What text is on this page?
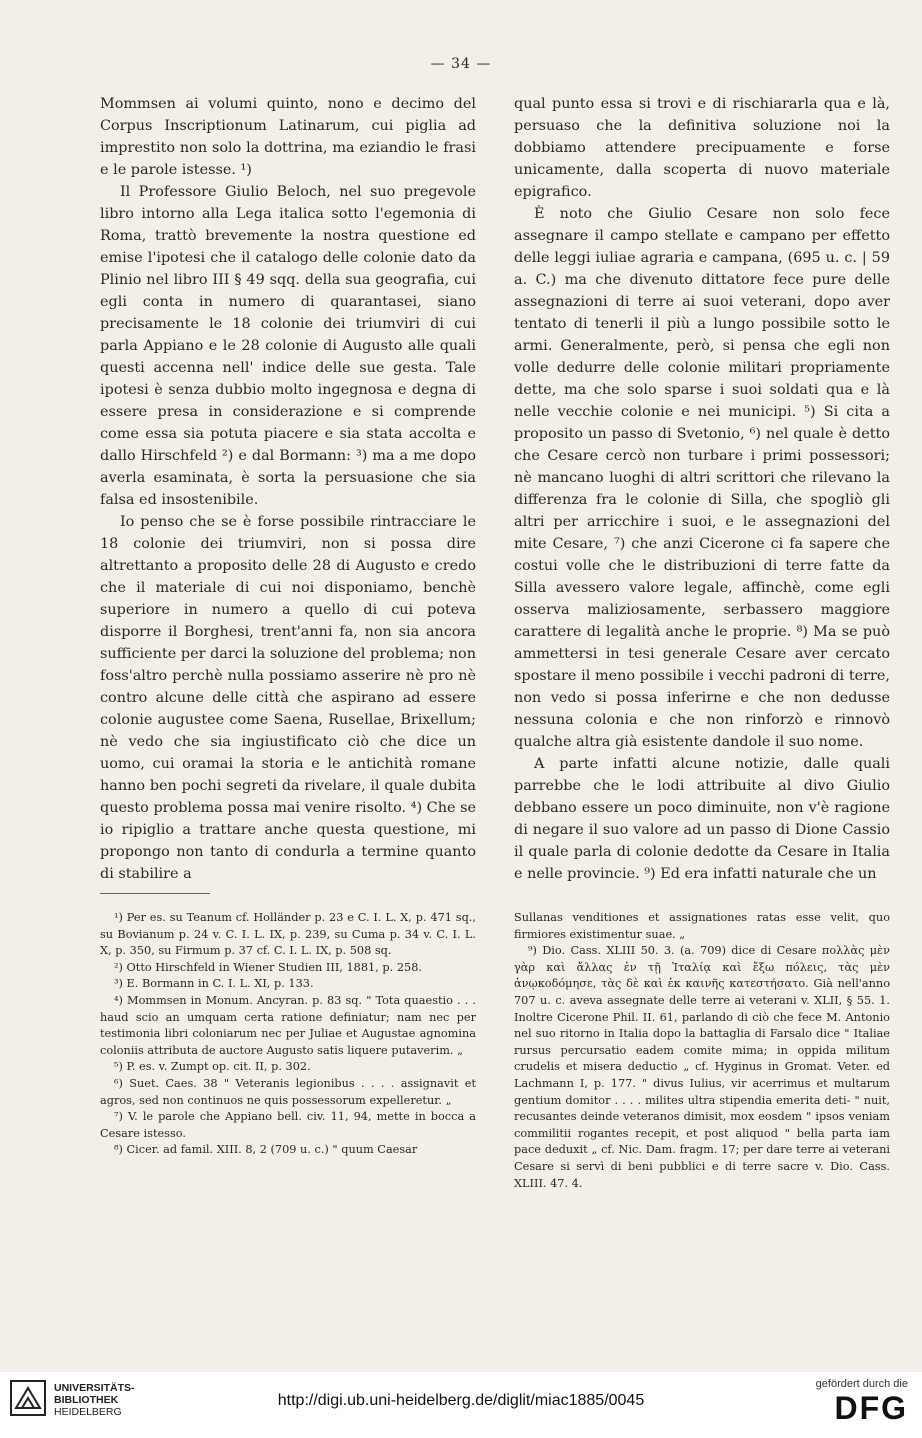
— 34 —

Mommsen ai volumi quinto, nono e decimo del Corpus Inscriptionum Latinarum, cui piglia ad imprestito non solo la dottrina, ma eziandio le frasi e le parole istesse. ¹)

Il Professore Giulio Beloch, nel suo pregevole libro intorno alla Lega italica sotto l'egemonia di Roma, trattò brevemente la nostra questione ed emise l'ipotesi che il catalogo delle colonie dato da Plinio nel libro III § 49 sqq. della sua geografia, cui egli conta in numero di quarantasei, siano precisamente le 18 colonie dei triumviri di cui parla Appiano e le 28 colonie di Augusto alle quali questi accenna nell' indice delle sue gesta. Tale ipotesi è senza dubbio molto ingegnosa e degna di essere presa in considerazione e si comprende come essa sia potuta piacere e sia stata accolta e dallo Hirschfeld ²) e dal Bormann: ³) ma a me dopo averla esaminata, è sorta la persuasione che sia falsa ed insostenibile.

Io penso che se è forse possibile rintracciare le 18 colonie dei triumviri, non si possa dire altrettanto a proposito delle 28 di Augusto e credo che il materiale di cui noi disponiamo, benchè superiore in numero a quello di cui poteva disporre il Borghesi, trent'anni fa, non sia ancora sufficiente per darci la soluzione del problema; non foss'altro perchè nulla possiamo asserire nè pro nè contro alcune delle città che aspirano ad essere colonie augustee come Saena, Rusellae, Brixellum; nè vedo che sia ingiustificato ciò che dice un uomo, cui oramai la storia e le antichità romane hanno ben pochi segreti da rivelare, il quale dubita questo problema possa mai venire risolto. ⁴) Che se io ripiglio a trattare anche questa questione, mi propongo non tanto di condurla a termine quanto di stabilire a

qual punto essa si trovi e di rischiararla qua e là, persuaso che la definitiva soluzione noi la dobbiamo attendere precipuamente e forse unicamente, dalla scoperta di nuovo materiale epigrafico.

È noto che Giulio Cesare non solo fece assegnare il campo stellate e campano per effetto delle leggi iuliae agraria e campana, (695 u. c. | 59 a. C.) ma che divenuto dittatore fece pure delle assegnazioni di terre ai suoi veterani, dopo aver tentato di tenerli il più a lungo possibile sotto le armi. Generalmente, però, si pensa che egli non volle dedurre delle colonie militari propriamente dette, ma che solo sparse i suoi soldati qua e là nelle vecchie colonie e nei municipi. ⁵) Si cita a proposito un passo di Svetonio, ⁶) nel quale è detto che Cesare cercò non turbare i primi possessori; nè mancano luoghi di altri scrittori che rilevano la differenza fra le colonie di Silla, che spogliò gli altri per arricchire i suoi, e le assegnazioni del mite Cesare, ⁷) che anzi Cicerone ci fa sapere che costui volle che le distribuzioni di terre fatte da Silla avessero valore legale, affinchè, come egli osserva maliziosamente, serbassero maggiore carattere di legalità anche le proprie. ⁸) Ma se può ammettersi in tesi generale Cesare aver cercato spostare il meno possibile i vecchi padroni di terre, non vedo si possa inferirne e che non dedusse nessuna colonia e che non rinforzò e rinnovò qualche altra già esistente dandole il suo nome.

A parte infatti alcune notizie, dalle quali parrebbe che le lodi attribuite al divo Giulio debbano essere un poco diminuite, non v'è ragione di negare il suo valore ad un passo di Dione Cassio il quale parla di colonie dedotte da Cesare in Italia e nelle provincie. ⁹) Ed era infatti naturale che un

¹) Per es. su Teanum cf. Holländer p. 23 e C. I. L. X, p. 471 sq., su Bovianum p. 24 v. C. I. L. IX, p. 239, su Cuma p. 34 v. C. I. L. X, p. 350, su Firmum p. 37 cf. C. I. L. IX, p. 508 sq.

²) Otto Hirschfeld in Wiener Studien III, 1881, p. 258.

³) E. Bormann in C. I. L. XI, p. 133.

⁴) Mommsen in Monum. Ancyran. p. 83 sq. " Tota quaestio . . . haud scio an umquam certa ratione definiatur; nam nec per testimonia libri coloniarum nec per Juliae et Augustae agnomina coloniis attributa de auctore Augusto satis liquere putaverim. „

⁵) P. es. v. Zumpt op. cit. II, p. 302.

⁶) Suet. Caes. 38 " Veteranis legionibus . . . . assignavit et agros, sed non continuos ne quis possessorum expelleretur. „

⁷) V. le parole che Appiano bell. civ. 11, 94, mette in bocca a Cesare istesso.

⁸) Cicer. ad famil. XIII. 8, 2 (709 u. c.) " quum Caesar

Sullanas venditiones et assignationes ratas esse velit, quo firmiores existimentur suae. „

⁹) Dio. Cass. XLIII 50. 3. (a. 709) dice di Cesare πολλὰς μὲν γὰρ καὶ ἄλλας ἐν τῇ Ἰταλίᾳ καὶ ἔξω πόλεις, τὰς μὲν ἀνῳκοδόμησε, τὰς δὲ καὶ ἐκ καινῆς κατεστήσατο. Già nell'anno 707 u. c. aveva assegnate delle terre ai veterani v. XLII, § 55. 1. Inoltre Cicerone Phil. II. 61, parlando di ciò che fece M. Antonio nel suo ritorno in Italia dopo la battaglia di Farsalo dice " Italiae rursus percursatio eadem comite mima; in oppida militum crudelis et misera deductio „ cf. Hyginus in Gromat. Veter. ed Lachmann I, p. 177. " divus Iulius, vir acerrimus et multarum gentium domitor . . . . milites ultra stipendia emerita deti- " nuit, recusantes deinde veteranos dimisit, mox eosdem " ipsos veniam commilitii rogantes recepit, et post aliquod " bella parta iam pace deduxit „ cf. Nic. Dam. fragm. 17; per dare terre ai veterani Cesare si servì di beni pubblici e di terre sacre v. Dio. Cass. XLIII. 47. 4.

UNIVERSITÄTS-
BIBLIOTHEK
HEIDELBERG
http://digi.ub.uni-heidelberg.de/diglit/miac1885/0045
gefördert durch die
DFG
